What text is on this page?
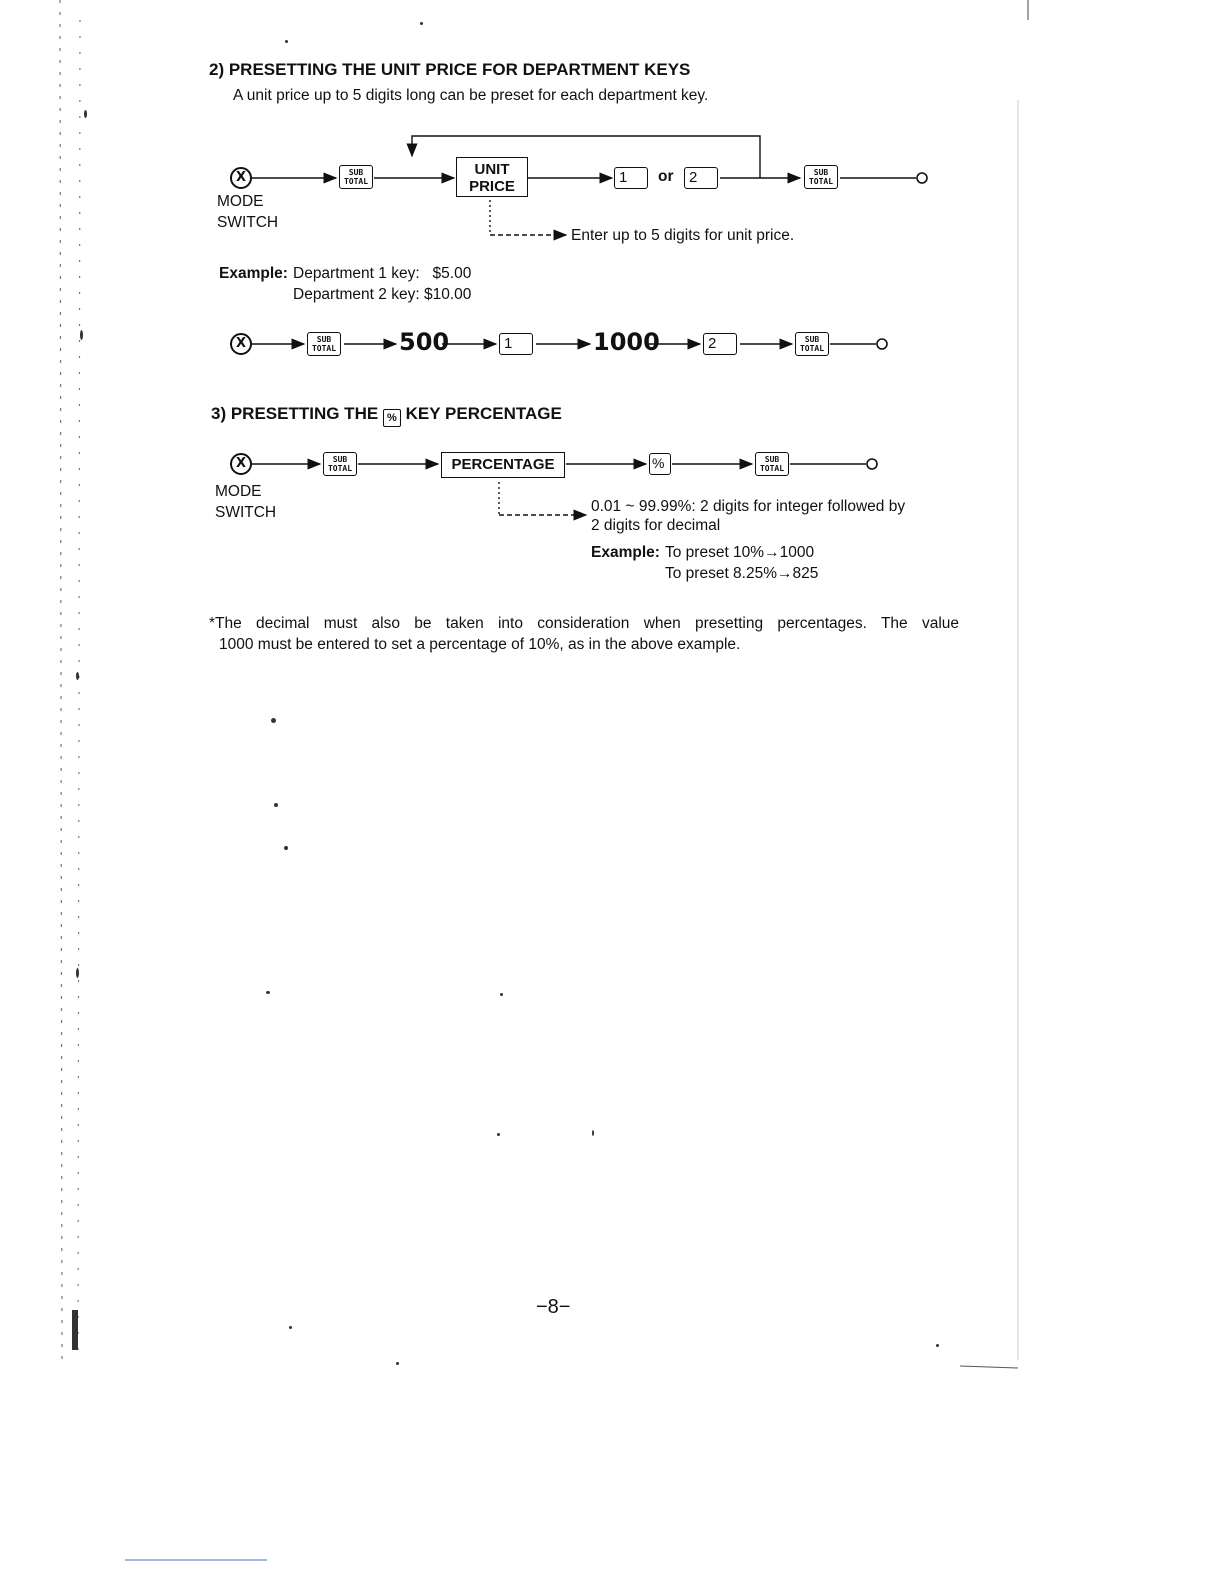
2) PRESETTING THE UNIT PRICE FOR DEPARTMENT KEYS
A unit price up to 5 digits long can be preset for each department key.
X	SUB
TOTAL
UNIT
PRICE
1	or	2	SUB
TOTAL
MODE
SWITCH
Enter up to 5 digits for unit price.
Example: Department 1 key:   $5.00
Department 2 key: $10.00
X	SUB
TOTAL	500	1	1000	2	SUB
TOTAL
3) PRESETTING THE % KEY PERCENTAGE
X	SUB
TOTAL	PERCENTAGE	%	SUB
TOTAL
MODE
SWITCH	0.01 ~ 99.99%: 2 digits for integer followed by
2 digits for decimal
Example: To preset 10%→1000
To preset 8.25%→825
*The decimal must also be taken into consideration when presetting percentages. The value
1000 must be entered to set a percentage of 10%, as in the above example.
−8−
